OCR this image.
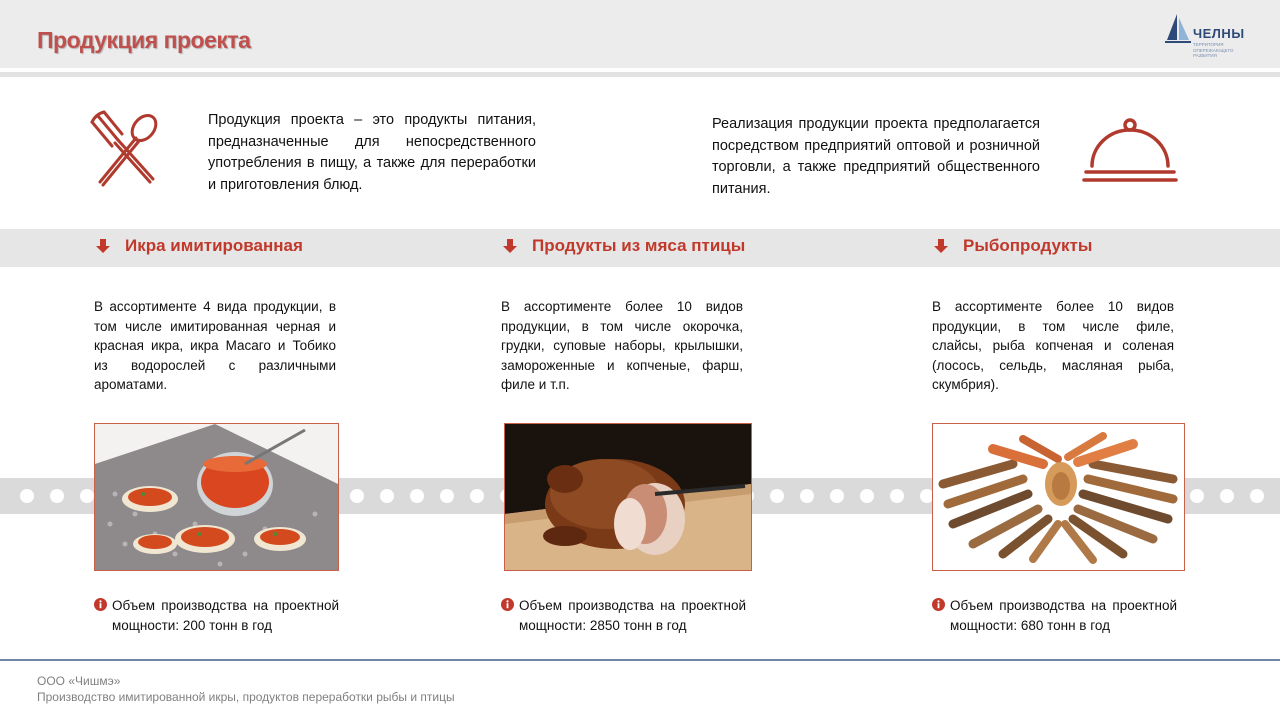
Продукция проекта	ЧЕЛНЫ
ТЕРРИТОРИЯ ОПЕРЕЖАЮЩЕГО РАЗВИТИЯ
Продукция проекта – это продукты питания, предназначенные для непосредственного употребления в пищу, а также для переработки и приготовления блюд.
Реализация продукции проекта предполагается посредством предприятий оптовой и розничной торговли, а также предприятий общественного питания.
Икра имитированная	Продукты из мяса птицы	Рыбопродукты
В ассортименте 4 вида продукции, в том числе имитированная черная и красная икра, икра Масаго и Тобико из водорослей с различными ароматами.
В ассортименте более 10 видов продукции, в том числе окорочка, грудки, суповые наборы, крылышки, замороженные и копченые, фарш, филе и т.п.
В ассортименте более 10 видов продукции, в том числе филе, слайсы, рыба копченая и соленая (лосось, сельдь, масляная рыба, скумбрия).
Объем производства на проектной мощности: 200 тонн в год
Объем производства на проектной мощности: 2850 тонн в год
Объем производства на проектной мощности: 680 тонн в год
ООО «Чишмэ»
Производство имитированной икры, продуктов переработки рыбы и птицы
